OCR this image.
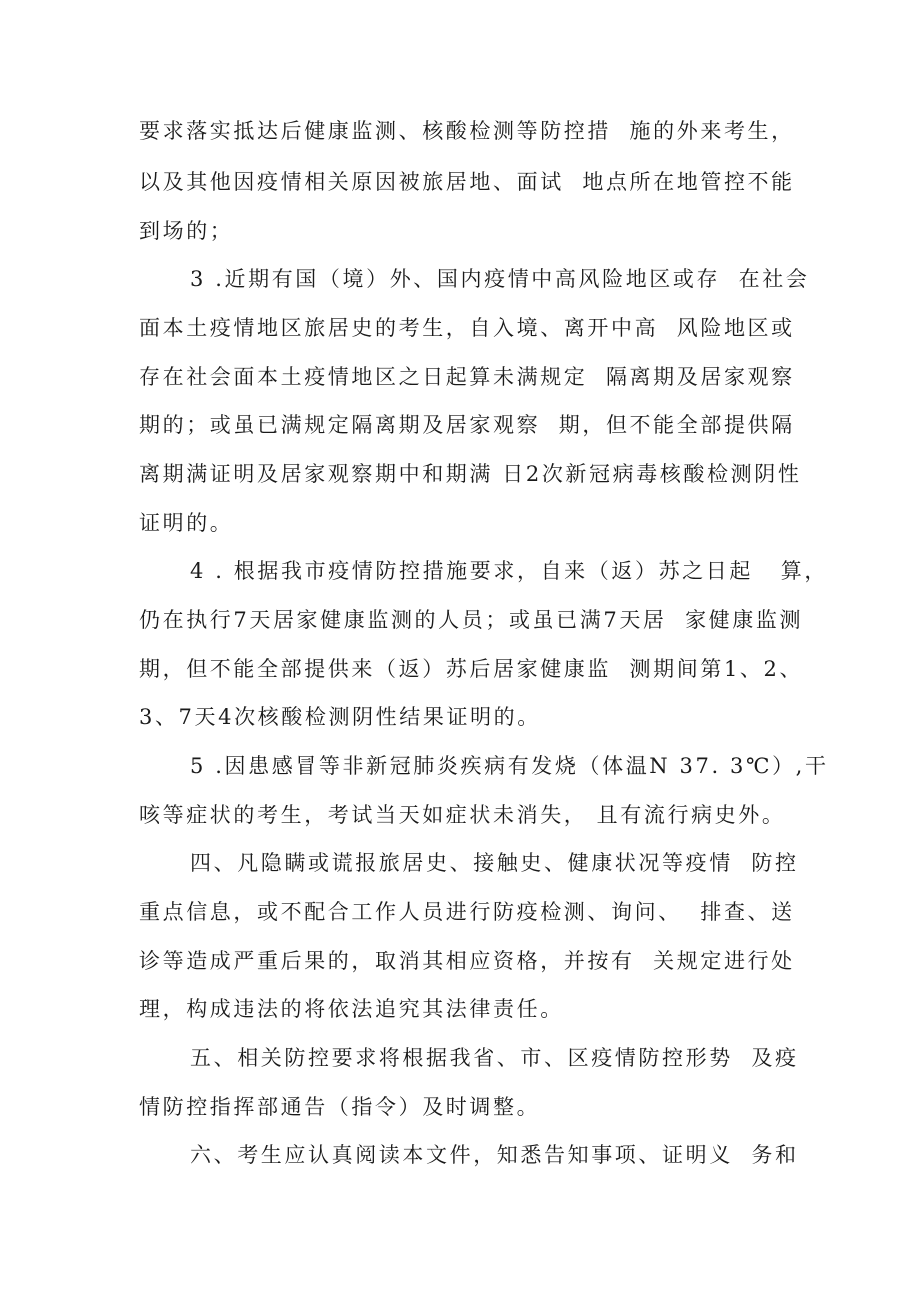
要求落实抵达后健康监测、核酸检测等防控措  施的外来考生，
以及其他因疫情相关原因被旅居地、面试  地点所在地管控不能
到场的；
3 .近期有国（境）外、国内疫情中高风险地区或存  在社会
面本土疫情地区旅居史的考生，自入境、离开中高  风险地区或
存在社会面本土疫情地区之日起算未满规定  隔离期及居家观察
期的；或虽已满规定隔离期及居家观察  期，但不能全部提供隔
离期满证明及居家观察期中和期满 日2次新冠病毒核酸检测阴性
证明的。
4 . 根据我市疫情防控措施要求，自来（返）苏之日起   算，
仍在执行7天居家健康监测的人员；或虽已满7天居  家健康监测
期，但不能全部提供来（返）苏后居家健康监  测期间第1、2、
3、7天4次核酸检测阴性结果证明的。
5 .因患感冒等非新冠肺炎疾病有发烧（体温N 37. 3℃）,干
咳等症状的考生，考试当天如症状未消失， 且有流行病史外。
四、凡隐瞒或谎报旅居史、接触史、健康状况等疫情  防控
重点信息，或不配合工作人员进行防疫检测、询问、  排查、送
诊等造成严重后果的，取消其相应资格，并按有  关规定进行处
理，构成违法的将依法追究其法律责任。
五、相关防控要求将根据我省、市、区疫情防控形势  及疫
情防控指挥部通告（指令）及时调整。
六、考生应认真阅读本文件，知悉告知事项、证明义  务和
